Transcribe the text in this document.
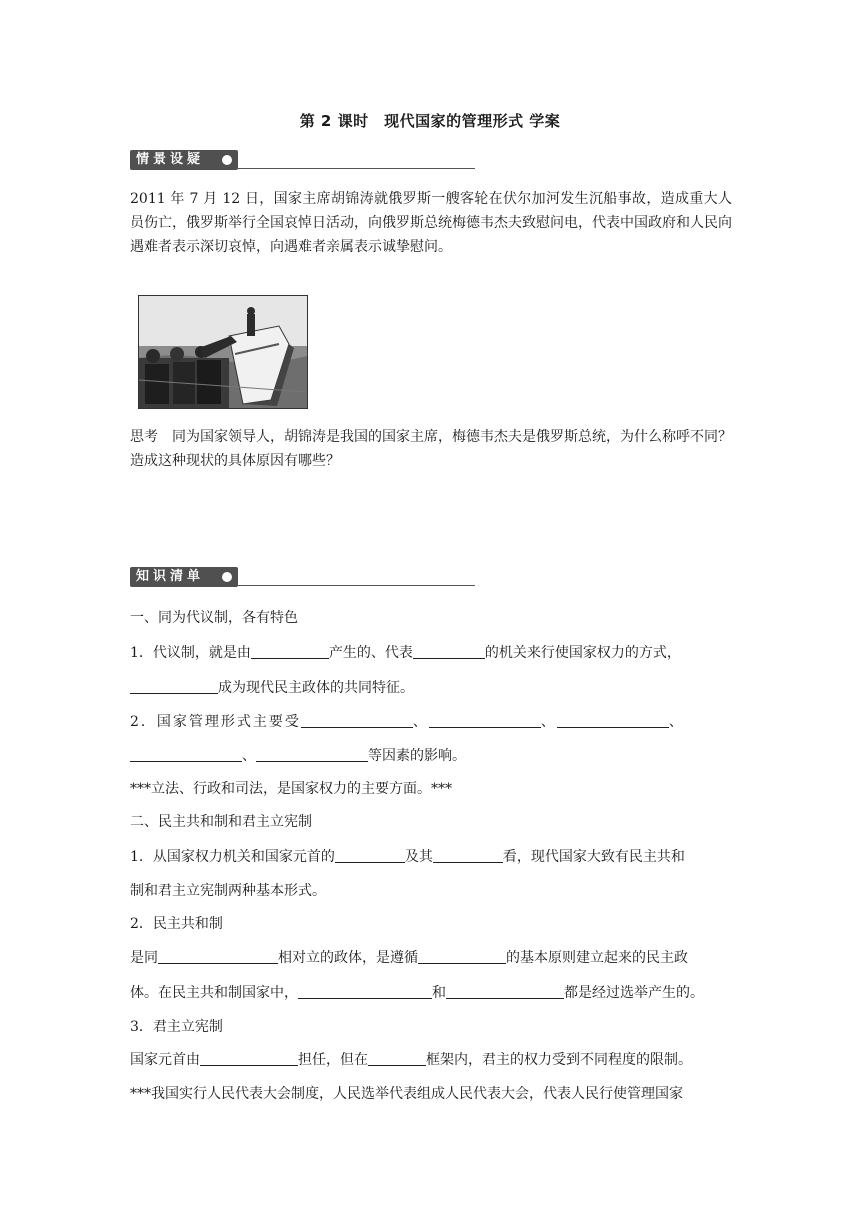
第 2 课时　现代国家的管理形式 学案
情景设疑
2011 年 7 月 12 日，国家主席胡锦涛就俄罗斯一艘客轮在伏尔加河发生沉船事故，造成重大人员伤亡，俄罗斯举行全国哀悼日活动，向俄罗斯总统梅德韦杰夫致慰问电，代表中国政府和人民向遇难者表示深切哀悼，向遇难者亲属表示诚挚慰问。
思考　 同为国家领导人，胡锦涛是我国的国家主席，梅德韦杰夫是俄罗斯总统，为什么称呼不同？造成这种现状的具体原因有哪些？
知识清单
一、同为代议制，各有特色
1．代议制，就是由	产生的、代表	的机关来行使国家权力的方式，
成为现代民主政体的共同特征。
2．国家管理形式主要受	、	、	、
、	等因素的影响。
***立法、行政和司法，是国家权力的主要方面。***
二、民主共和制和君主立宪制
1．从国家权力机关和国家元首的	及其	看，现代国家大致有民主共和
制和君主立宪制两种基本形式。
2．民主共和制
是同	相对立的政体，是遵循	的基本原则建立起来的民主政
体。在民主共和制国家中，	和	都是经过选举产生的。
3．君主立宪制
国家元首由	担任，但在	框架内，君主的权力受到不同程度的限制。
***我国实行人民代表大会制度，人民选举代表组成人民代表大会，代表人民行使管理国家
